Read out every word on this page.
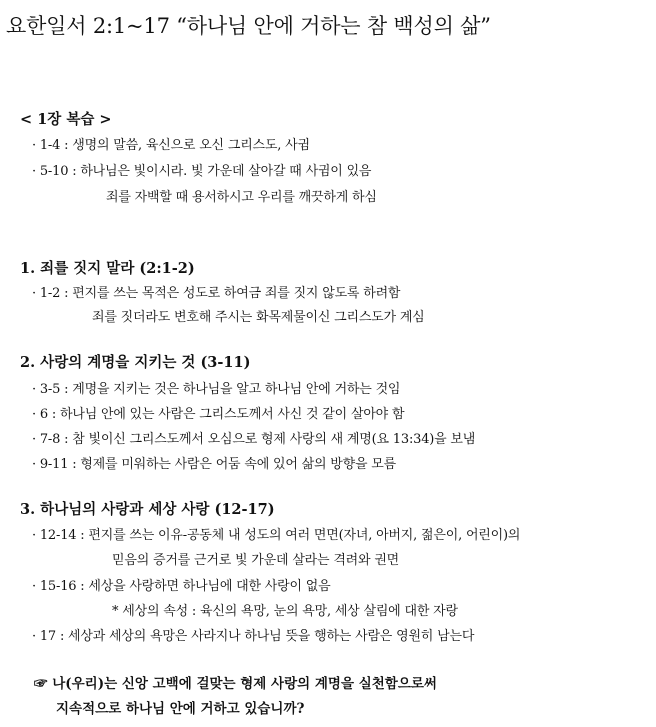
요한일서 2:1~17 “하나님 안에 거하는 참 백성의 삶”
< 1장 복습 >
· 1-4 : 생명의 말씀, 육신으로 오신 그리스도, 사귐
· 5-10 : 하나님은 빛이시라. 빛 가운데 살아갈 때 사귐이 있음
죄를 자백할 때 용서하시고 우리를 깨끗하게 하심
1. 죄를 짓지 말라 (2:1-2)
· 1-2 : 편지를 쓰는 목적은 성도로 하여금 죄를 짓지 않도록 하려함
죄를 짓더라도 변호해 주시는 화목제물이신 그리스도가 계심
2. 사랑의 계명을 지키는 것 (3-11)
· 3-5 : 계명을 지키는 것은 하나님을 알고 하나님 안에 거하는 것임
· 6 : 하나님 안에 있는 사람은 그리스도께서 사신 것 같이 살아야 함
· 7-8 : 참 빛이신 그리스도께서 오심으로 형제 사랑의 새 계명(요 13:34)을 보냄
· 9-11 : 형제를 미워하는 사람은 어둠 속에 있어 삶의 방향을 모름
3. 하나님의 사랑과 세상 사랑 (12-17)
· 12-14 : 편지를 쓰는 이유-공동체 내 성도의 여러 면면(자녀, 아버지, 젊은이, 어린이)의
믿음의 증거를 근거로 빛 가운데 살라는 격려와 권면
· 15-16 : 세상을 사랑하면 하나님에 대한 사랑이 없음
* 세상의 속성 : 육신의 욕망, 눈의 욕망, 세상 살림에 대한 자랑
· 17 : 세상과 세상의 욕망은 사라지나 하나님 뜻을 행하는 사람은 영원히 남는다
☞ 나(우리)는 신앙 고백에 걸맞는 형제 사랑의 계명을 실천함으로써
지속적으로 하나님 안에 거하고 있습니까?
